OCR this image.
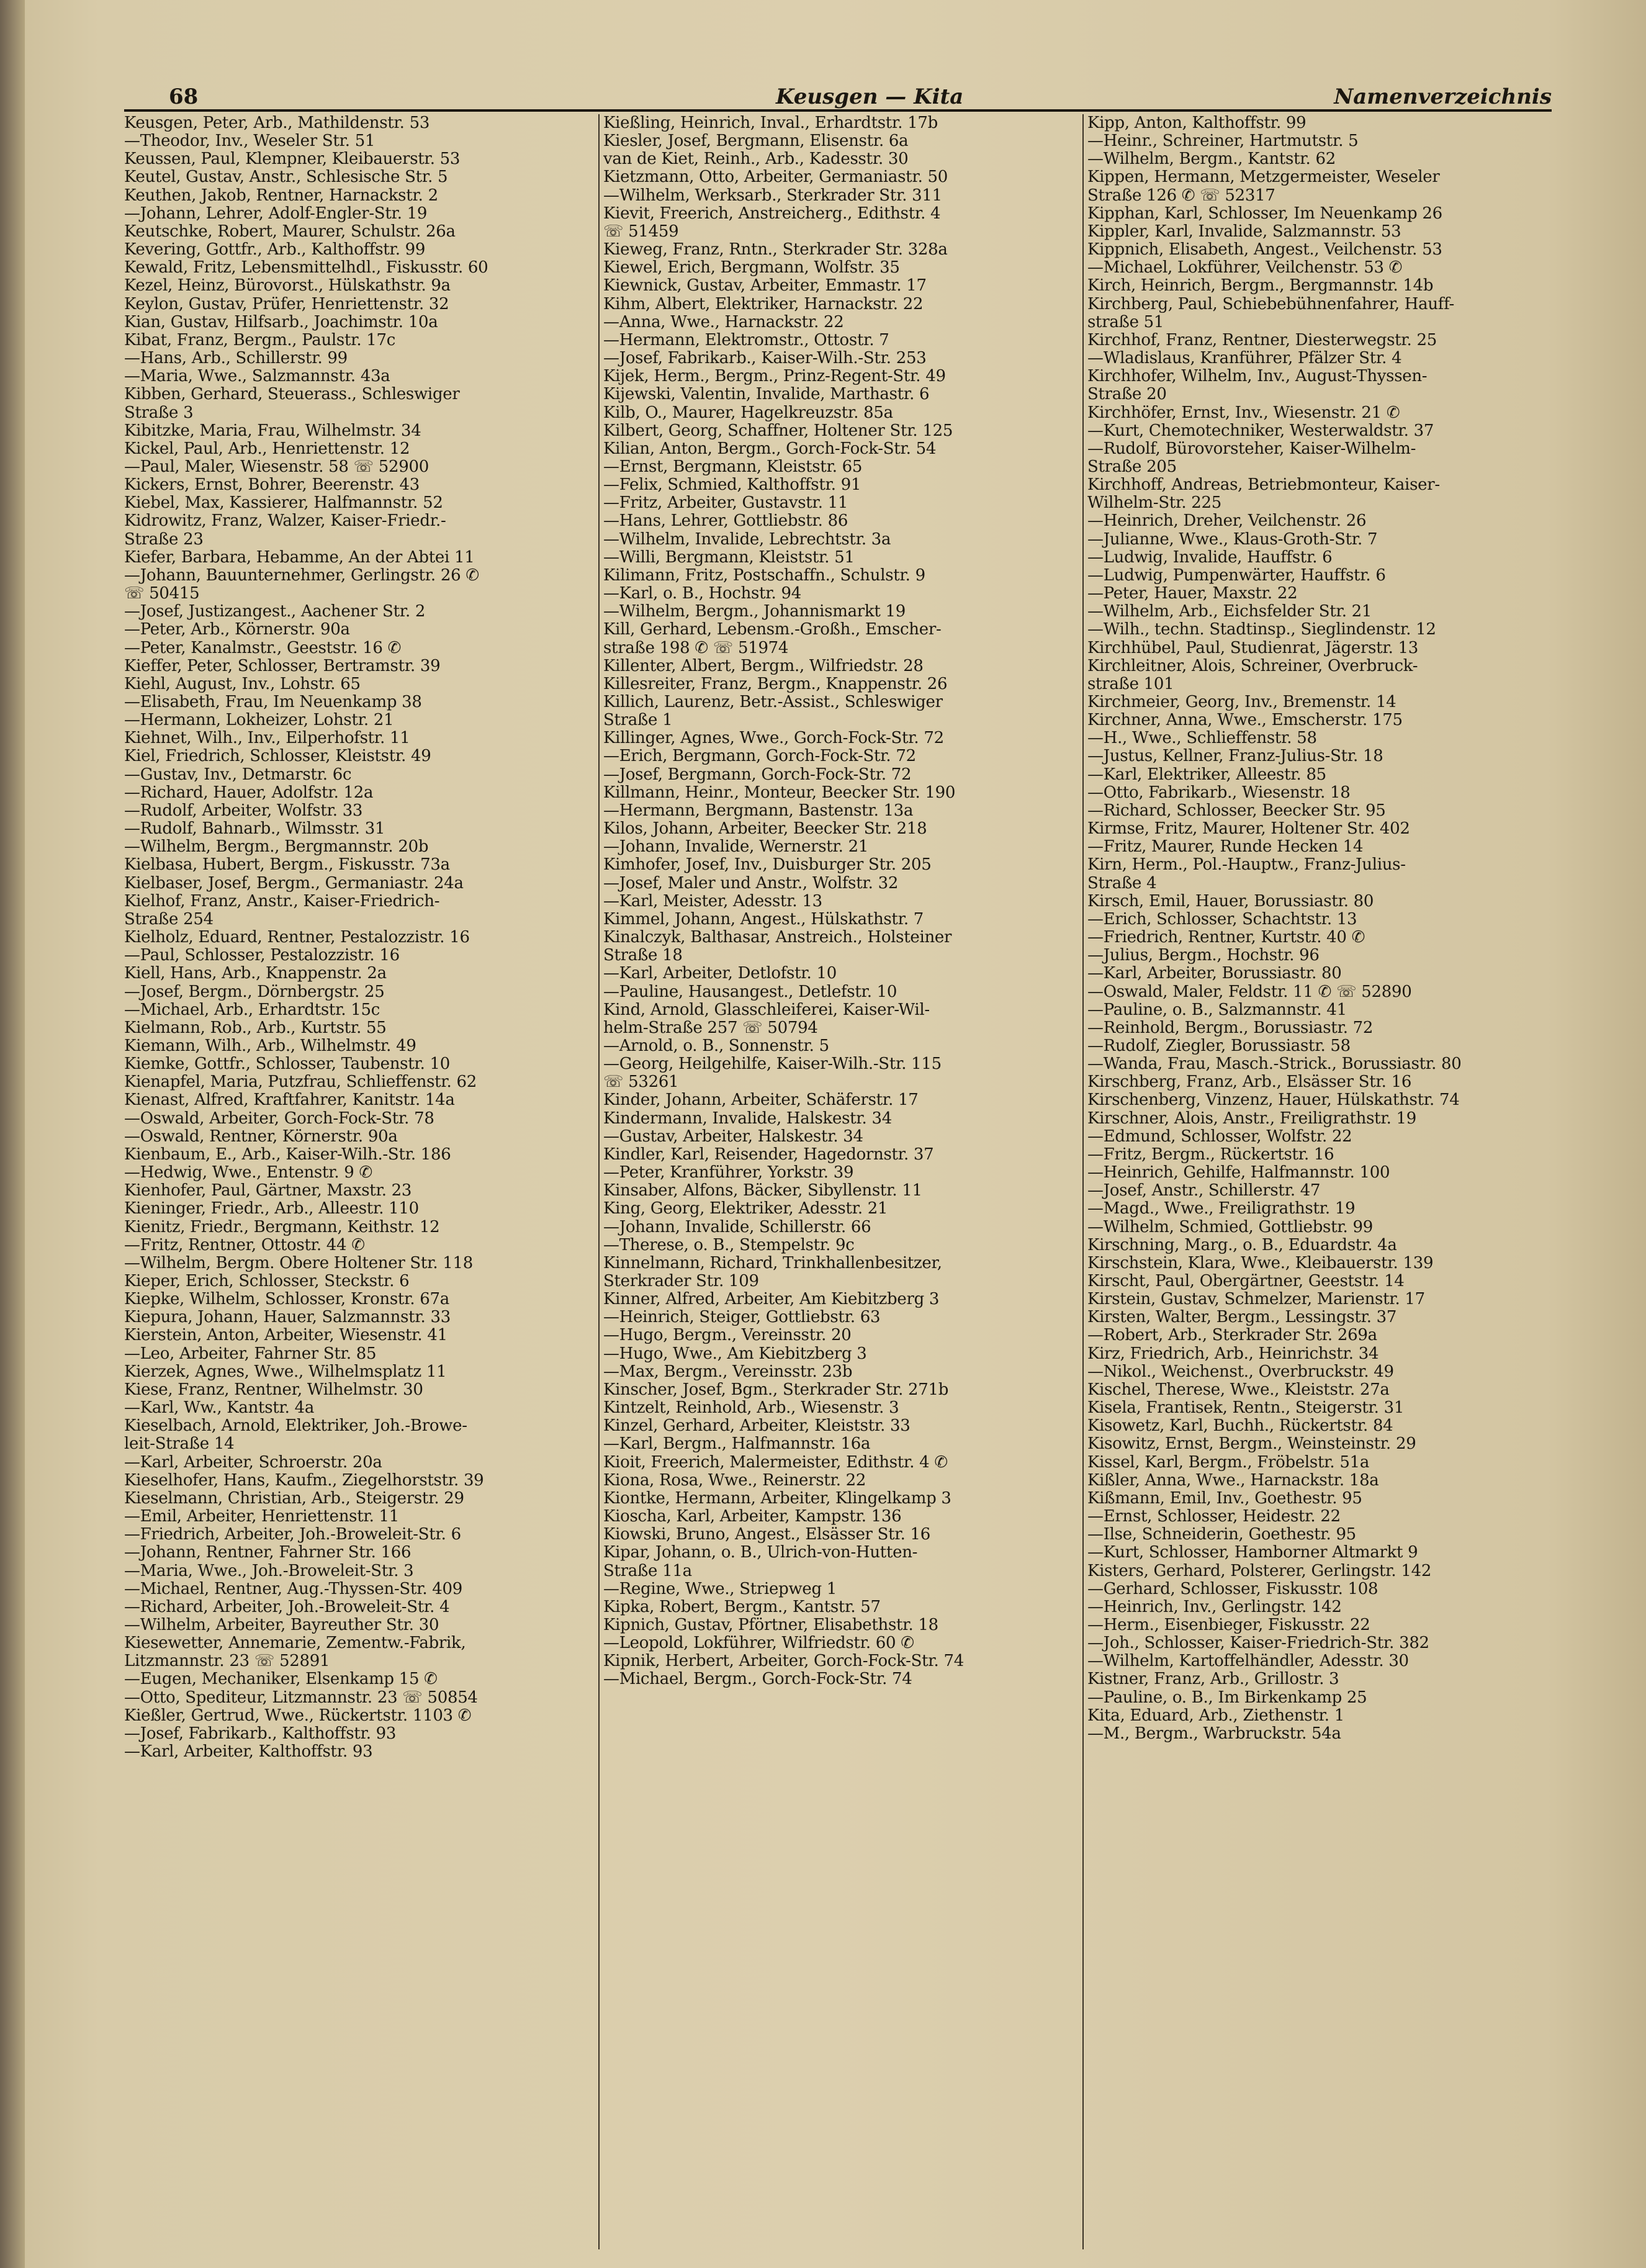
68	Keusgen — Kita	Namenverzeichnis
Keusgen, Peter, Arb., Mathildenstr. 53
—Theodor, Inv., Weseler Str. 51
Keussen, Paul, Klempner, Kleibauerstr. 53
Keutel, Gustav, Anstr., Schlesische Str. 5
Keuthen, Jakob, Rentner, Harnackstr. 2
—Johann, Lehrer, Adolf-Engler-Str. 19
Keutschke, Robert, Maurer, Schulstr. 26a
Kevering, Gottfr., Arb., Kalthoffstr. 99
Kewald, Fritz, Lebensmittelhdl., Fiskusstr. 60
Kezel, Heinz, Bürovorst., Hülskathstr. 9a
Keylon, Gustav, Prüfer, Henriettenstr. 32
Kian, Gustav, Hilfsarb., Joachimstr. 10a
Kibat, Franz, Bergm., Paulstr. 17c
—Hans, Arb., Schillerstr. 99
—Maria, Wwe., Salzmannstr. 43a
Kibben, Gerhard, Steuerass., Schleswiger
Straße 3
Kibitzke, Maria, Frau, Wilhelmstr. 34
Kickel, Paul, Arb., Henriettenstr. 12
—Paul, Maler, Wiesenstr. 58 ☏ 52900
Kickers, Ernst, Bohrer, Beerenstr. 43
Kiebel, Max, Kassierer, Halfmannstr. 52
Kidrowitz, Franz, Walzer, Kaiser-Friedr.-
Straße 23
Kiefer, Barbara, Hebamme, An der Abtei 11
—Johann, Bauunternehmer, Gerlingstr. 26 ✆
☏ 50415
—Josef, Justizangest., Aachener Str. 2
—Peter, Arb., Körnerstr. 90a
—Peter, Kanalmstr., Geeststr. 16 ✆
Kieffer, Peter, Schlosser, Bertramstr. 39
Kiehl, August, Inv., Lohstr. 65
—Elisabeth, Frau, Im Neuenkamp 38
—Hermann, Lokheizer, Lohstr. 21
Kiehnet, Wilh., Inv., Eilperhofstr. 11
Kiel, Friedrich, Schlosser, Kleiststr. 49
—Gustav, Inv., Detmarstr. 6c
—Richard, Hauer, Adolfstr. 12a
—Rudolf, Arbeiter, Wolfstr. 33
—Rudolf, Bahnarb., Wilmsstr. 31
—Wilhelm, Bergm., Bergmannstr. 20b
Kielbasa, Hubert, Bergm., Fiskusstr. 73a
Kielbaser, Josef, Bergm., Germaniastr. 24a
Kielhof, Franz, Anstr., Kaiser-Friedrich-
Straße 254
Kielholz, Eduard, Rentner, Pestalozzistr. 16
—Paul, Schlosser, Pestalozzistr. 16
Kiell, Hans, Arb., Knappenstr. 2a
—Josef, Bergm., Dörnbergstr. 25
—Michael, Arb., Erhardtstr. 15c
Kielmann, Rob., Arb., Kurtstr. 55
Kiemann, Wilh., Arb., Wilhelmstr. 49
Kiemke, Gottfr., Schlosser, Taubenstr. 10
Kienapfel, Maria, Putzfrau, Schlieffenstr. 62
Kienast, Alfred, Kraftfahrer, Kanitstr. 14a
—Oswald, Arbeiter, Gorch-Fock-Str. 78
—Oswald, Rentner, Körnerstr. 90a
Kienbaum, E., Arb., Kaiser-Wilh.-Str. 186
—Hedwig, Wwe., Entenstr. 9 ✆
Kienhofer, Paul, Gärtner, Maxstr. 23
Kieninger, Friedr., Arb., Alleestr. 110
Kienitz, Friedr., Bergmann, Keithstr. 12
—Fritz, Rentner, Ottostr. 44 ✆
—Wilhelm, Bergm. Obere Holtener Str. 118
Kieper, Erich, Schlosser, Steckstr. 6
Kiepke, Wilhelm, Schlosser, Kronstr. 67a
Kiepura, Johann, Hauer, Salzmannstr. 33
Kierstein, Anton, Arbeiter, Wiesenstr. 41
—Leo, Arbeiter, Fahrner Str. 85
Kierzek, Agnes, Wwe., Wilhelmsplatz 11
Kiese, Franz, Rentner, Wilhelmstr. 30
—Karl, Ww., Kantstr. 4a
Kieselbach, Arnold, Elektriker, Joh.-Browe-
leit-Straße 14
—Karl, Arbeiter, Schroerstr. 20a
Kieselhofer, Hans, Kaufm., Ziegelhorststr. 39
Kieselmann, Christian, Arb., Steigerstr. 29
—Emil, Arbeiter, Henriettenstr. 11
—Friedrich, Arbeiter, Joh.-Broweleit-Str. 6
—Johann, Rentner, Fahrner Str. 166
—Maria, Wwe., Joh.-Broweleit-Str. 3
—Michael, Rentner, Aug.-Thyssen-Str. 409
—Richard, Arbeiter, Joh.-Broweleit-Str. 4
—Wilhelm, Arbeiter, Bayreuther Str. 30
Kiesewetter, Annemarie, Zementw.-Fabrik,
Litzmannstr. 23 ☏ 52891
—Eugen, Mechaniker, Elsenkamp 15 ✆
—Otto, Spediteur, Litzmannstr. 23 ☏ 50854
Kießler, Gertrud, Wwe., Rückertstr. 1103 ✆
—Josef, Fabrikarb., Kalthoffstr. 93
—Karl, Arbeiter, Kalthoffstr. 93
Kießling, Heinrich, Inval., Erhardtstr. 17b
Kiesler, Josef, Bergmann, Elisenstr. 6a
van de Kiet, Reinh., Arb., Kadesstr. 30
Kietzmann, Otto, Arbeiter, Germaniastr. 50
—Wilhelm, Werksarb., Sterkrader Str. 311
Kievit, Freerich, Anstreicherg., Edithstr. 4
☏ 51459
Kieweg, Franz, Rntn., Sterkrader Str. 328a
Kiewel, Erich, Bergmann, Wolfstr. 35
Kiewnick, Gustav, Arbeiter, Emmastr. 17
Kihm, Albert, Elektriker, Harnackstr. 22
—Anna, Wwe., Harnackstr. 22
—Hermann, Elektromstr., Ottostr. 7
—Josef, Fabrikarb., Kaiser-Wilh.-Str. 253
Kijek, Herm., Bergm., Prinz-Regent-Str. 49
Kijewski, Valentin, Invalide, Marthastr. 6
Kilb, O., Maurer, Hagelkreuzstr. 85a
Kilbert, Georg, Schaffner, Holtener Str. 125
Kilian, Anton, Bergm., Gorch-Fock-Str. 54
—Ernst, Bergmann, Kleiststr. 65
—Felix, Schmied, Kalthoffstr. 91
—Fritz, Arbeiter, Gustavstr. 11
—Hans, Lehrer, Gottliebstr. 86
—Wilhelm, Invalide, Lebrechtstr. 3a
—Willi, Bergmann, Kleiststr. 51
Kilimann, Fritz, Postschaffn., Schulstr. 9
—Karl, o. B., Hochstr. 94
—Wilhelm, Bergm., Johannismarkt 19
Kill, Gerhard, Lebensm.-Großh., Emscher-
straße 198 ✆ ☏ 51974
Killenter, Albert, Bergm., Wilfriedstr. 28
Killesreiter, Franz, Bergm., Knappenstr. 26
Killich, Laurenz, Betr.-Assist., Schleswiger
Straße 1
Killinger, Agnes, Wwe., Gorch-Fock-Str. 72
—Erich, Bergmann, Gorch-Fock-Str. 72
—Josef, Bergmann, Gorch-Fock-Str. 72
Killmann, Heinr., Monteur, Beecker Str. 190
—Hermann, Bergmann, Bastenstr. 13a
Kilos, Johann, Arbeiter, Beecker Str. 218
—Johann, Invalide, Wernerstr. 21
Kimhofer, Josef, Inv., Duisburger Str. 205
—Josef, Maler und Anstr., Wolfstr. 32
—Karl, Meister, Adesstr. 13
Kimmel, Johann, Angest., Hülskathstr. 7
Kinalczyk, Balthasar, Anstreich., Holsteiner
Straße 18
—Karl, Arbeiter, Detlofstr. 10
—Pauline, Hausangest., Detlefstr. 10
Kind, Arnold, Glasschleiferei, Kaiser-Wil-
helm-Straße 257 ☏ 50794
—Arnold, o. B., Sonnenstr. 5
—Georg, Heilgehilfe, Kaiser-Wilh.-Str. 115
☏ 53261
Kinder, Johann, Arbeiter, Schäferstr. 17
Kindermann, Invalide, Halskestr. 34
—Gustav, Arbeiter, Halskestr. 34
Kindler, Karl, Reisender, Hagedornstr. 37
—Peter, Kranführer, Yorkstr. 39
Kinsaber, Alfons, Bäcker, Sibyllenstr. 11
King, Georg, Elektriker, Adesstr. 21
—Johann, Invalide, Schillerstr. 66
—Therese, o. B., Stempelstr. 9c
Kinnelmann, Richard, Trinkhallenbesitzer,
Sterkrader Str. 109
Kinner, Alfred, Arbeiter, Am Kiebitzberg 3
—Heinrich, Steiger, Gottliebstr. 63
—Hugo, Bergm., Vereinsstr. 20
—Hugo, Wwe., Am Kiebitzberg 3
—Max, Bergm., Vereinsstr. 23b
Kinscher, Josef, Bgm., Sterkrader Str. 271b
Kintzelt, Reinhold, Arb., Wiesenstr. 3
Kinzel, Gerhard, Arbeiter, Kleiststr. 33
—Karl, Bergm., Halfmannstr. 16a
Kioit, Freerich, Malermeister, Edithstr. 4 ✆
Kiona, Rosa, Wwe., Reinerstr. 22
Kiontke, Hermann, Arbeiter, Klingelkamp 3
Kioscha, Karl, Arbeiter, Kampstr. 136
Kiowski, Bruno, Angest., Elsässer Str. 16
Kipar, Johann, o. B., Ulrich-von-Hutten-
Straße 11a
—Regine, Wwe., Striepweg 1
Kipka, Robert, Bergm., Kantstr. 57
Kipnich, Gustav, Pförtner, Elisabethstr. 18
—Leopold, Lokführer, Wilfriedstr. 60 ✆
Kipnik, Herbert, Arbeiter, Gorch-Fock-Str. 74
—Michael, Bergm., Gorch-Fock-Str. 74
Kipp, Anton, Kalthoffstr. 99
—Heinr., Schreiner, Hartmutstr. 5
—Wilhelm, Bergm., Kantstr. 62
Kippen, Hermann, Metzgermeister, Weseler
Straße 126 ✆ ☏ 52317
Kipphan, Karl, Schlosser, Im Neuenkamp 26
Kippler, Karl, Invalide, Salzmannstr. 53
Kippnich, Elisabeth, Angest., Veilchenstr. 53
—Michael, Lokführer, Veilchenstr. 53 ✆
Kirch, Heinrich, Bergm., Bergmannstr. 14b
Kirchberg, Paul, Schiebebühnenfahrer, Hauff-
straße 51
Kirchhof, Franz, Rentner, Diesterwegstr. 25
—Wladislaus, Kranführer, Pfälzer Str. 4
Kirchhofer, Wilhelm, Inv., August-Thyssen-
Straße 20
Kirchhöfer, Ernst, Inv., Wiesenstr. 21 ✆
—Kurt, Chemotechniker, Westerwaldstr. 37
—Rudolf, Bürovorsteher, Kaiser-Wilhelm-
Straße 205
Kirchhoff, Andreas, Betriebmonteur, Kaiser-
Wilhelm-Str. 225
—Heinrich, Dreher, Veilchenstr. 26
—Julianne, Wwe., Klaus-Groth-Str. 7
—Ludwig, Invalide, Hauffstr. 6
—Ludwig, Pumpenwärter, Hauffstr. 6
—Peter, Hauer, Maxstr. 22
—Wilhelm, Arb., Eichsfelder Str. 21
—Wilh., techn. Stadtinsp., Sieglindenstr. 12
Kirchhübel, Paul, Studienrat, Jägerstr. 13
Kirchleitner, Alois, Schreiner, Overbruck-
straße 101
Kirchmeier, Georg, Inv., Bremenstr. 14
Kirchner, Anna, Wwe., Emscherstr. 175
—H., Wwe., Schlieffenstr. 58
—Justus, Kellner, Franz-Julius-Str. 18
—Karl, Elektriker, Alleestr. 85
—Otto, Fabrikarb., Wiesenstr. 18
—Richard, Schlosser, Beecker Str. 95
Kirmse, Fritz, Maurer, Holtener Str. 402
—Fritz, Maurer, Runde Hecken 14
Kirn, Herm., Pol.-Hauptw., Franz-Julius-
Straße 4
Kirsch, Emil, Hauer, Borussiastr. 80
—Erich, Schlosser, Schachtstr. 13
—Friedrich, Rentner, Kurtstr. 40 ✆
—Julius, Bergm., Hochstr. 96
—Karl, Arbeiter, Borussiastr. 80
—Oswald, Maler, Feldstr. 11 ✆ ☏ 52890
—Pauline, o. B., Salzmannstr. 41
—Reinhold, Bergm., Borussiastr. 72
—Rudolf, Ziegler, Borussiastr. 58
—Wanda, Frau, Masch.-Strick., Borussiastr. 80
Kirschberg, Franz, Arb., Elsässer Str. 16
Kirschenberg, Vinzenz, Hauer, Hülskathstr. 74
Kirschner, Alois, Anstr., Freiligrathstr. 19
—Edmund, Schlosser, Wolfstr. 22
—Fritz, Bergm., Rückertstr. 16
—Heinrich, Gehilfe, Halfmannstr. 100
—Josef, Anstr., Schillerstr. 47
—Magd., Wwe., Freiligrathstr. 19
—Wilhelm, Schmied, Gottliebstr. 99
Kirschning, Marg., o. B., Eduardstr. 4a
Kirschstein, Klara, Wwe., Kleibauerstr. 139
Kirscht, Paul, Obergärtner, Geeststr. 14
Kirstein, Gustav, Schmelzer, Marienstr. 17
Kirsten, Walter, Bergm., Lessingstr. 37
—Robert, Arb., Sterkrader Str. 269a
Kirz, Friedrich, Arb., Heinrichstr. 34
—Nikol., Weichenst., Overbruckstr. 49
Kischel, Therese, Wwe., Kleiststr. 27a
Kisela, Frantisek, Rentn., Steigerstr. 31
Kisowetz, Karl, Buchh., Rückertstr. 84
Kisowitz, Ernst, Bergm., Weinsteinstr. 29
Kissel, Karl, Bergm., Fröbelstr. 51a
Kißler, Anna, Wwe., Harnackstr. 18a
Kißmann, Emil, Inv., Goethestr. 95
—Ernst, Schlosser, Heidestr. 22
—Ilse, Schneiderin, Goethestr. 95
—Kurt, Schlosser, Hamborner Altmarkt 9
Kisters, Gerhard, Polsterer, Gerlingstr. 142
—Gerhard, Schlosser, Fiskusstr. 108
—Heinrich, Inv., Gerlingstr. 142
—Herm., Eisenbieger, Fiskusstr. 22
—Joh., Schlosser, Kaiser-Friedrich-Str. 382
—Wilhelm, Kartoffelhändler, Adesstr. 30
Kistner, Franz, Arb., Grillostr. 3
—Pauline, o. B., Im Birkenkamp 25
Kita, Eduard, Arb., Ziethenstr. 1
—M., Bergm., Warbruckstr. 54a
